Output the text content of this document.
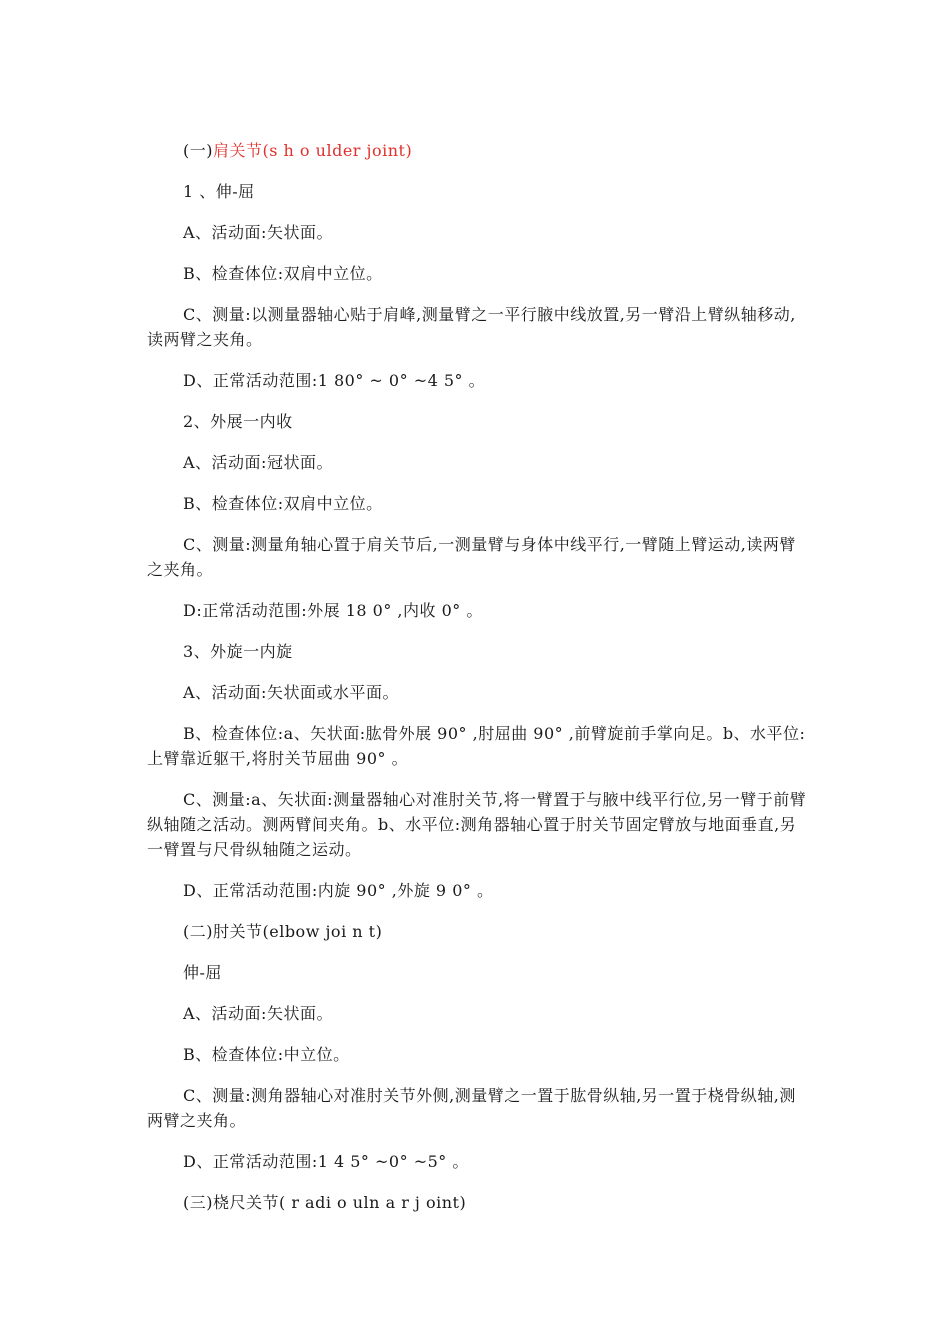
(一)肩关节(s h o ulder joint)

1 、伸-屈

A、活动面:矢状面。

B、检查体位:双肩中立位。

C、测量:以测量器轴心贴于肩峰,测量臂之一平行腋中线放置,另一臂沿上臂纵轴移动,读两臂之夹角。

D、正常活动范围:1 80° ~ 0° ~4 5° 。

2、外展一内收

A、活动面:冠状面。

B、检查体位:双肩中立位。

C、测量:测量角轴心置于肩关节后,一测量臂与身体中线平行,一臂随上臂运动,读两臂之夹角。

D:正常活动范围:外展 18 0° ,内收 0° 。

3、外旋一内旋

A、活动面:矢状面或水平面。

B、检查体位:a、矢状面:肱骨外展 90° ,肘屈曲 90° ,前臂旋前手掌向足。b、水平位:上臂靠近躯干,将肘关节屈曲 90° 。

C、测量:a、矢状面:测量器轴心对准肘关节,将一臂置于与腋中线平行位,另一臂于前臂纵轴随之活动。测两臂间夹角。b、水平位:测角器轴心置于肘关节固定臂放与地面垂直,另一臂置与尺骨纵轴随之运动。

D、正常活动范围:内旋 90° ,外旋 9 0° 。

(二)肘关节(elbow joi n t)

伸-屈

A、活动面:矢状面。

B、检查体位:中立位。

C、测量:测角器轴心对准肘关节外侧,测量臂之一置于肱骨纵轴,另一置于桡骨纵轴,测两臂之夹角。

D、正常活动范围:1 4 5° ~0° ~5° 。

(三)桡尺关节( r adi o uln a r j oint)
